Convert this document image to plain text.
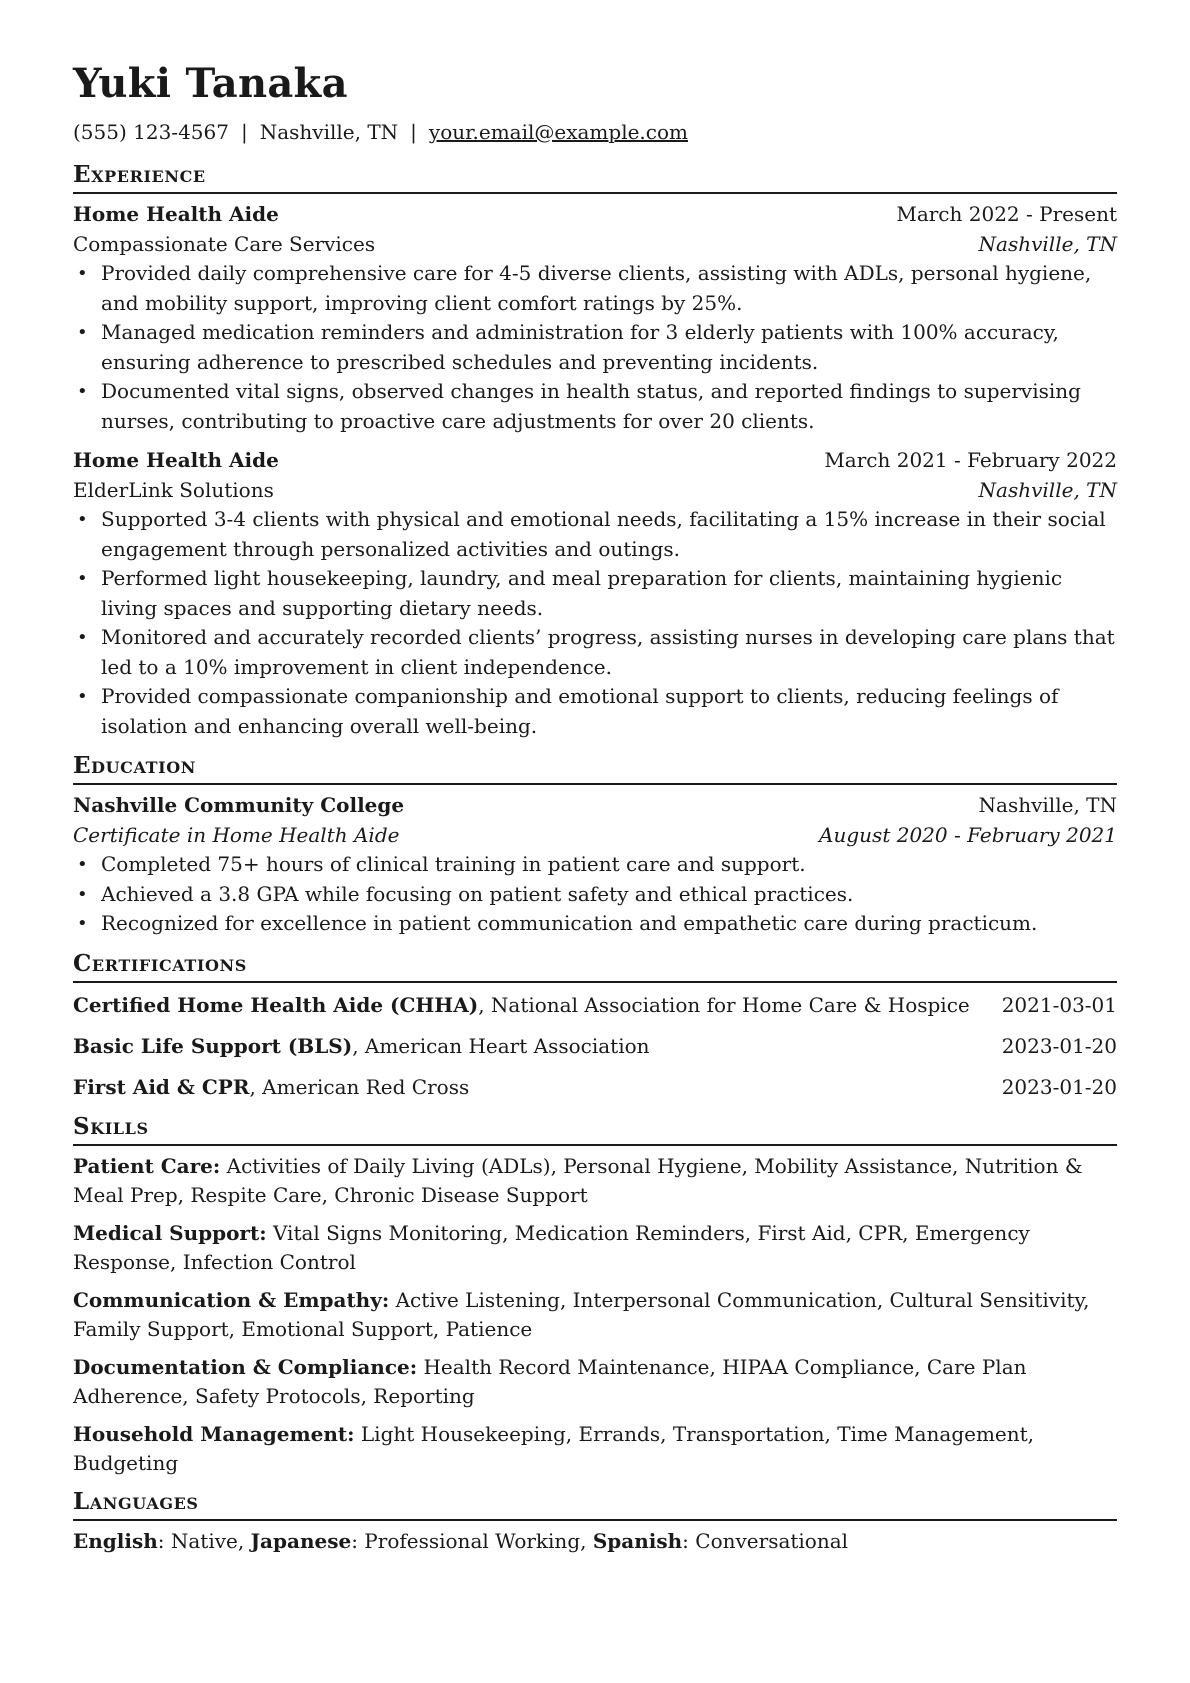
Yuki Tanaka
(555) 123-4567 | Nashville, TN | your.email@example.com
Experience
Home Health Aide	March 2022 - Present
Compassionate Care Services	Nashville, TN
• Provided daily comprehensive care for 4-5 diverse clients, assisting with ADLs, personal hygiene, and mobility support, improving client comfort ratings by 25%.
• Managed medication reminders and administration for 3 elderly patients with 100% accuracy, ensuring adherence to prescribed schedules and preventing incidents.
• Documented vital signs, observed changes in health status, and reported findings to supervising nurses, contributing to proactive care adjustments for over 20 clients.
Home Health Aide	March 2021 - February 2022
ElderLink Solutions	Nashville, TN
• Supported 3-4 clients with physical and emotional needs, facilitating a 15% increase in their social engagement through personalized activities and outings.
• Performed light housekeeping, laundry, and meal preparation for clients, maintaining hygienic living spaces and supporting dietary needs.
• Monitored and accurately recorded clients’ progress, assisting nurses in developing care plans that led to a 10% improvement in client independence.
• Provided compassionate companionship and emotional support to clients, reducing feelings of isolation and enhancing overall well-being.
Education
Nashville Community College	Nashville, TN
Certificate in Home Health Aide	August 2020 - February 2021
• Completed 75+ hours of clinical training in patient care and support.
• Achieved a 3.8 GPA while focusing on patient safety and ethical practices.
• Recognized for excellence in patient communication and empathetic care during practicum.
Certifications
Certified Home Health Aide (CHHA), National Association for Home Care & Hospice 2021-03-01
Basic Life Support (BLS), American Heart Association	2023-01-20
First Aid & CPR, American Red Cross	2023-01-20
Skills
Patient Care: Activities of Daily Living (ADLs), Personal Hygiene, Mobility Assistance, Nutrition & Meal Prep, Respite Care, Chronic Disease Support
Medical Support: Vital Signs Monitoring, Medication Reminders, First Aid, CPR, Emergency Response, Infection Control
Communication & Empathy: Active Listening, Interpersonal Communication, Cultural Sensitivity, Family Support, Emotional Support, Patience
Documentation & Compliance: Health Record Maintenance, HIPAA Compliance, Care Plan Adherence, Safety Protocols, Reporting
Household Management: Light Housekeeping, Errands, Transportation, Time Management, Budgeting
Languages
English: Native, Japanese: Professional Working, Spanish: Conversational
